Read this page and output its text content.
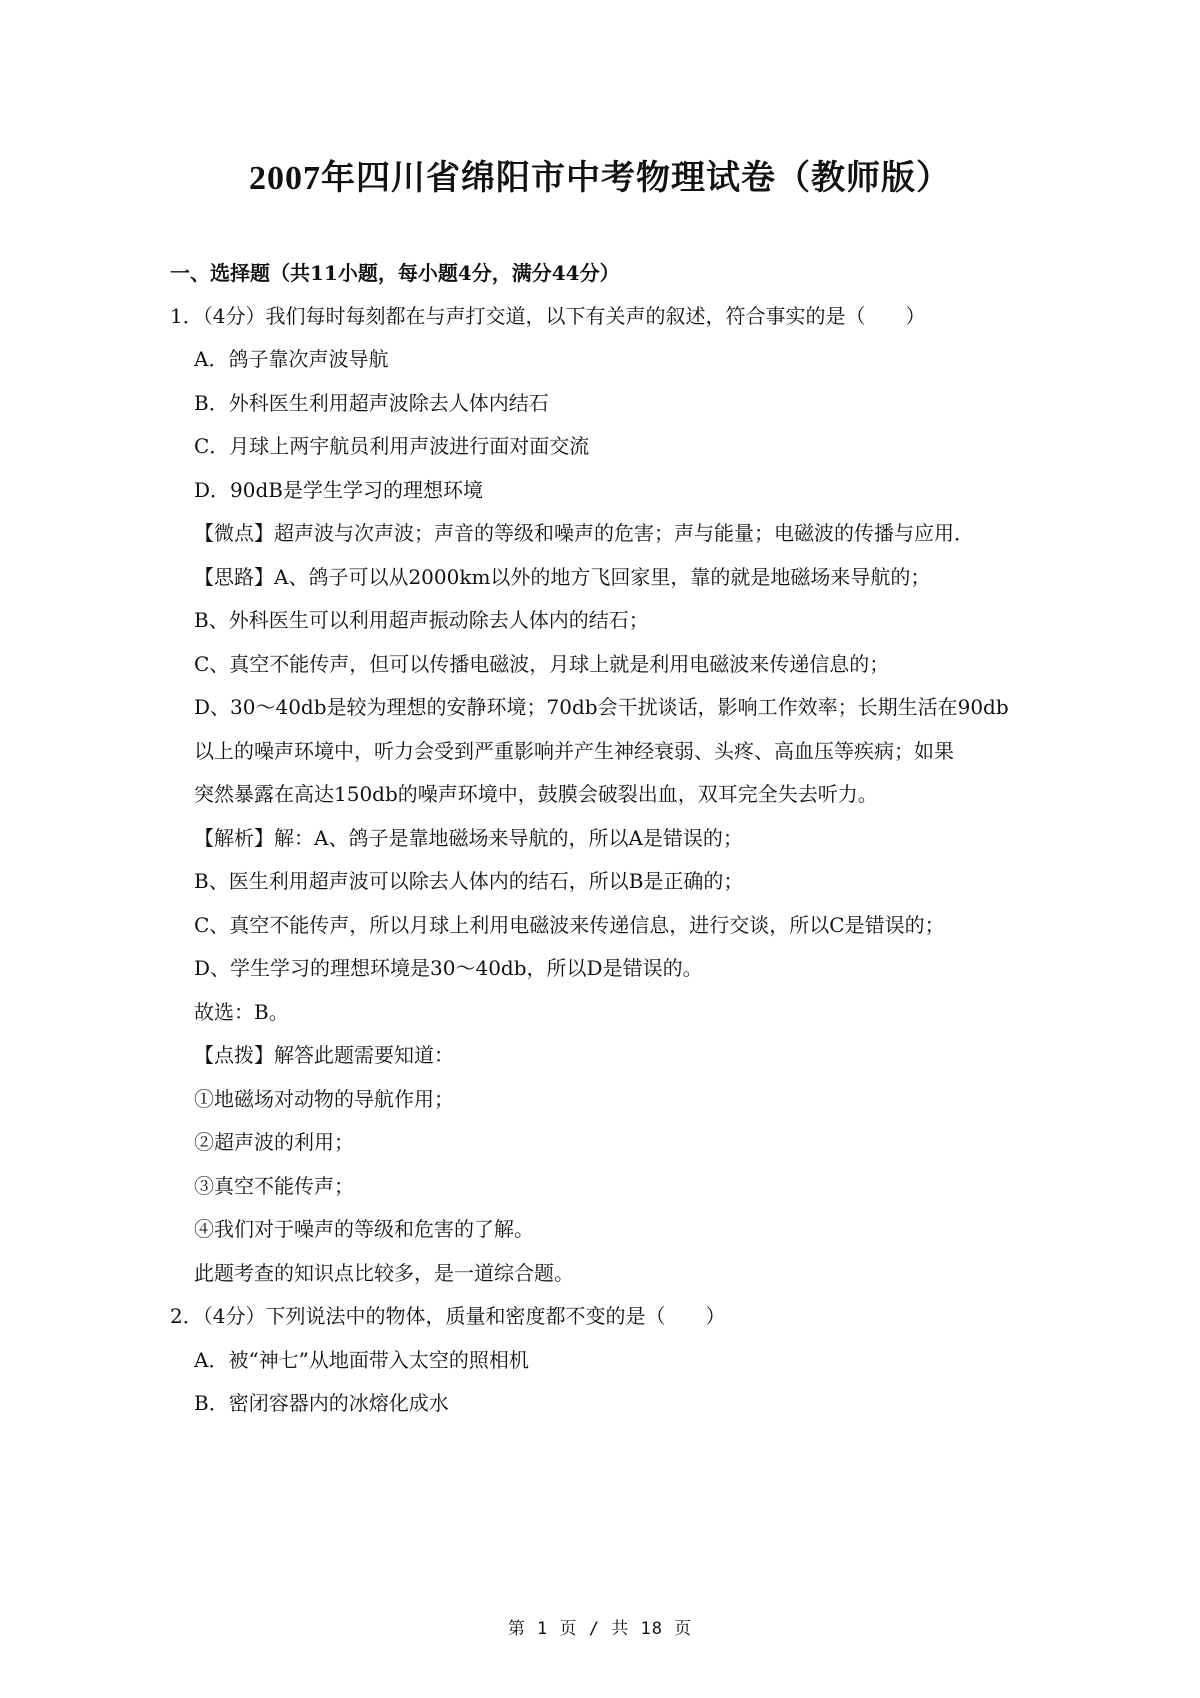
2007年四川省绵阳市中考物理试卷（教师版）
一、选择题（共11小题，每小题4分，满分44分）
1．（4分）我们每时每刻都在与声打交道，以下有关声的叙述，符合事实的是（　　）
A．鸽子靠次声波导航
B．外科医生利用超声波除去人体内结石
C．月球上两宇航员利用声波进行面对面交流
D．90dB是学生学习的理想环境
【微点】超声波与次声波；声音的等级和噪声的危害；声与能量；电磁波的传播与应用．
【思路】A、鸽子可以从2000km以外的地方飞回家里，靠的就是地磁场来导航的；
B、外科医生可以利用超声振动除去人体内的结石；
C、真空不能传声，但可以传播电磁波，月球上就是利用电磁波来传递信息的；
D、30～40db是较为理想的安静环境；70db会干扰谈话，影响工作效率；长期生活在90db
以上的噪声环境中，听力会受到严重影响并产生神经衰弱、头疼、高血压等疾病；如果
突然暴露在高达150db的噪声环境中，鼓膜会破裂出血，双耳完全失去听力。
【解析】解：A、鸽子是靠地磁场来导航的，所以A是错误的；
B、医生利用超声波可以除去人体内的结石，所以B是正确的；
C、真空不能传声，所以月球上利用电磁波来传递信息，进行交谈，所以C是错误的；
D、学生学习的理想环境是30～40db，所以D是错误的。
故选：B。
【点拨】解答此题需要知道：
①地磁场对动物的导航作用；
②超声波的利用；
③真空不能传声；
④我们对于噪声的等级和危害的了解。
此题考查的知识点比较多，是一道综合题。
2．（4分）下列说法中的物体，质量和密度都不变的是（　　）
A．被“神七”从地面带入太空的照相机
B．密闭容器内的冰熔化成水
第 1 页 / 共 18 页
